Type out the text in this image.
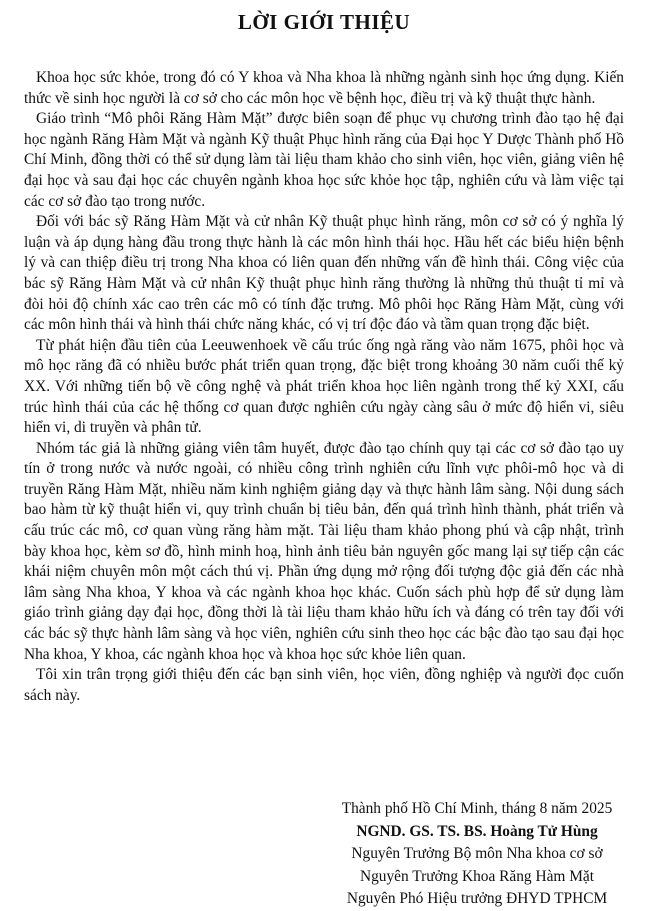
LỜI GIỚI THIỆU

Khoa học sức khỏe, trong đó có Y khoa và Nha khoa là những ngành sinh học ứng dụng. Kiến thức về sinh học người là cơ sở cho các môn học về bệnh học, điều trị và kỹ thuật thực hành.

Giáo trình “Mô phôi Răng Hàm Mặt” được biên soạn để phục vụ chương trình đào tạo hệ đại học ngành Răng Hàm Mặt và ngành Kỹ thuật Phục hình răng của Đại học Y Dược Thành phố Hồ Chí Minh, đồng thời có thể sử dụng làm tài liệu tham khảo cho sinh viên, học viên, giảng viên hệ đại học và sau đại học các chuyên ngành khoa học sức khỏe học tập, nghiên cứu và làm việc tại các cơ sở đào tạo trong nước.

Đối với bác sỹ Răng Hàm Mặt và cử nhân Kỹ thuật phục hình răng, môn cơ sở có ý nghĩa lý luận và áp dụng hàng đầu trong thực hành là các môn hình thái học. Hầu hết các biểu hiện bệnh lý và can thiệp điều trị trong Nha khoa có liên quan đến những vấn đề hình thái. Công việc của bác sỹ Răng Hàm Mặt và cử nhân Kỹ thuật phục hình răng thường là những thủ thuật tỉ mỉ và đòi hỏi độ chính xác cao trên các mô có tính đặc trưng. Mô phôi học Răng Hàm Mặt, cùng với các môn hình thái và hình thái chức năng khác, có vị trí độc đáo và tầm quan trọng đặc biệt.

Từ phát hiện đầu tiên của Leeuwenhoek về cấu trúc ống ngà răng vào năm 1675, phôi học và mô học răng đã có nhiều bước phát triển quan trọng, đặc biệt trong khoảng 30 năm cuối thế kỷ XX. Với những tiến bộ về công nghệ và phát triển khoa học liên ngành trong thế kỷ XXI, cấu trúc hình thái của các hệ thống cơ quan được nghiên cứu ngày càng sâu ở mức độ hiển vi, siêu hiển vi, di truyền và phân tử.

Nhóm tác giả là những giảng viên tâm huyết, được đào tạo chính quy tại các cơ sở đào tạo uy tín ở trong nước và nước ngoài, có nhiều công trình nghiên cứu lĩnh vực phôi-mô học và di truyền Răng Hàm Mặt, nhiều năm kinh nghiệm giảng dạy và thực hành lâm sàng. Nội dung sách bao hàm từ kỹ thuật hiển vi, quy trình chuẩn bị tiêu bản, đến quá trình hình thành, phát triển và cấu trúc các mô, cơ quan vùng răng hàm mặt. Tài liệu tham khảo phong phú và cập nhật, trình bày khoa học, kèm sơ đồ, hình minh hoạ, hình ảnh tiêu bản nguyên gốc mang lại sự tiếp cận các khái niệm chuyên môn một cách thú vị. Phần ứng dụng mở rộng đối tượng độc giả đến các nhà lâm sàng Nha khoa, Y khoa và các ngành khoa học khác. Cuốn sách phù hợp để sử dụng làm giáo trình giảng dạy đại học, đồng thời là tài liệu tham khảo hữu ích và đáng có trên tay đối với các bác sỹ thực hành lâm sàng và học viên, nghiên cứu sinh theo học các bậc đào tạo sau đại học Nha khoa, Y khoa, các ngành khoa học và khoa học sức khỏe liên quan.

Tôi xin trân trọng giới thiệu đến các bạn sinh viên, học viên, đồng nghiệp và người đọc cuốn sách này.

Thành phố Hồ Chí Minh, tháng 8 năm 2025
NGND. GS. TS. BS. Hoàng Tử Hùng
Nguyên Trưởng Bộ môn Nha khoa cơ sở
Nguyên Trưởng Khoa Răng Hàm Mặt
Nguyên Phó Hiệu trưởng ĐHYD TPHCM
